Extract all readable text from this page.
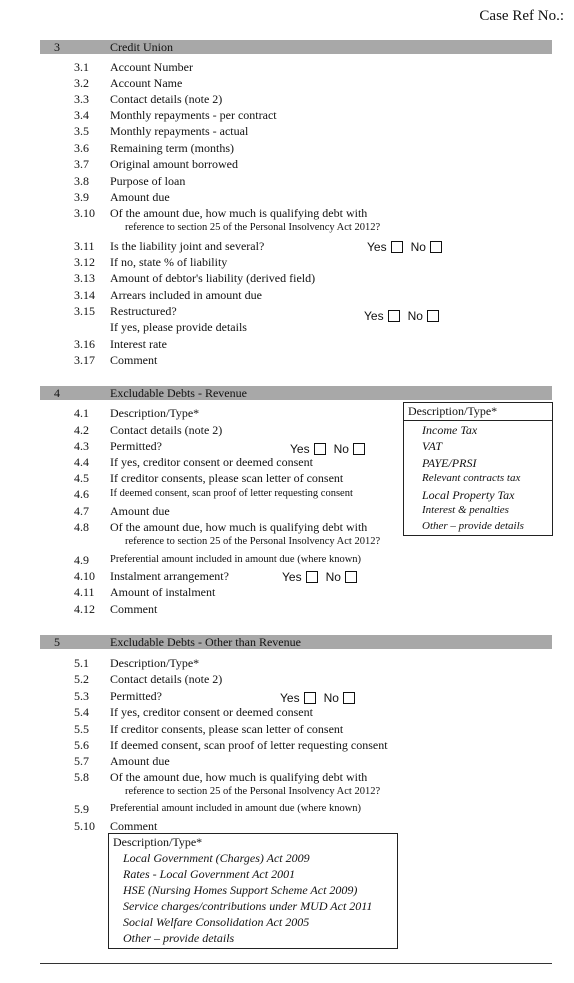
Case Ref No.:
3	Credit Union
3.1 Account Number
3.2 Account Name
3.3 Contact details (note 2)
3.4 Monthly repayments - per contract
3.5 Monthly repayments - actual
3.6 Remaining term (months)
3.7 Original amount borrowed
3.8 Purpose of loan
3.9 Amount due
3.10 Of the amount due, how much is qualifying debt with
reference to section 25 of the Personal Insolvency Act 2012?
3.11 Is the liability joint and several?	Yes No
3.12 If no, state % of liability
3.13 Amount of debtor's liability (derived field)
3.14 Arrears included in amount due
3.15 Restructured?	Yes No
If yes, please provide details
3.16 Interest rate
3.17 Comment
4	Excludable Debts - Revenue
4.1 Description/Type*
4.2 Contact details (note 2)
4.3 Permitted?	Yes No
4.4 If yes, creditor consent or deemed consent
4.5 If creditor consents, please scan letter of consent
4.6 If deemed consent, scan proof of letter requesting consent
4.7 Amount due
4.8 Of the amount due, how much is qualifying debt with
reference to section 25 of the Personal Insolvency Act 2012?
4.9 Preferential amount included in amount due (where known)
4.10 Instalment arrangement?	Yes No
4.11 Amount of instalment
4.12 Comment
Description/Type*
Income Tax
VAT
PAYE/PRSI
Relevant contracts tax
Local Property Tax
Interest & penalties
Other – provide details
5	Excludable Debts - Other than Revenue
5.1 Description/Type*
5.2 Contact details (note 2)
5.3 Permitted?	Yes No
5.4 If yes, creditor consent or deemed consent
5.5 If creditor consents, please scan letter of consent
5.6 If deemed consent, scan proof of letter requesting consent
5.7 Amount due
5.8 Of the amount due, how much is qualifying debt with
reference to section 25 of the Personal Insolvency Act 2012?
5.9 Preferential amount included in amount due (where known)
5.10 Comment
Description/Type*
Local Government (Charges) Act 2009
Rates - Local Government Act 2001
HSE (Nursing Homes Support Scheme Act 2009)
Service charges/contributions under MUD Act 2011
Social Welfare Consolidation Act 2005
Other – provide details
